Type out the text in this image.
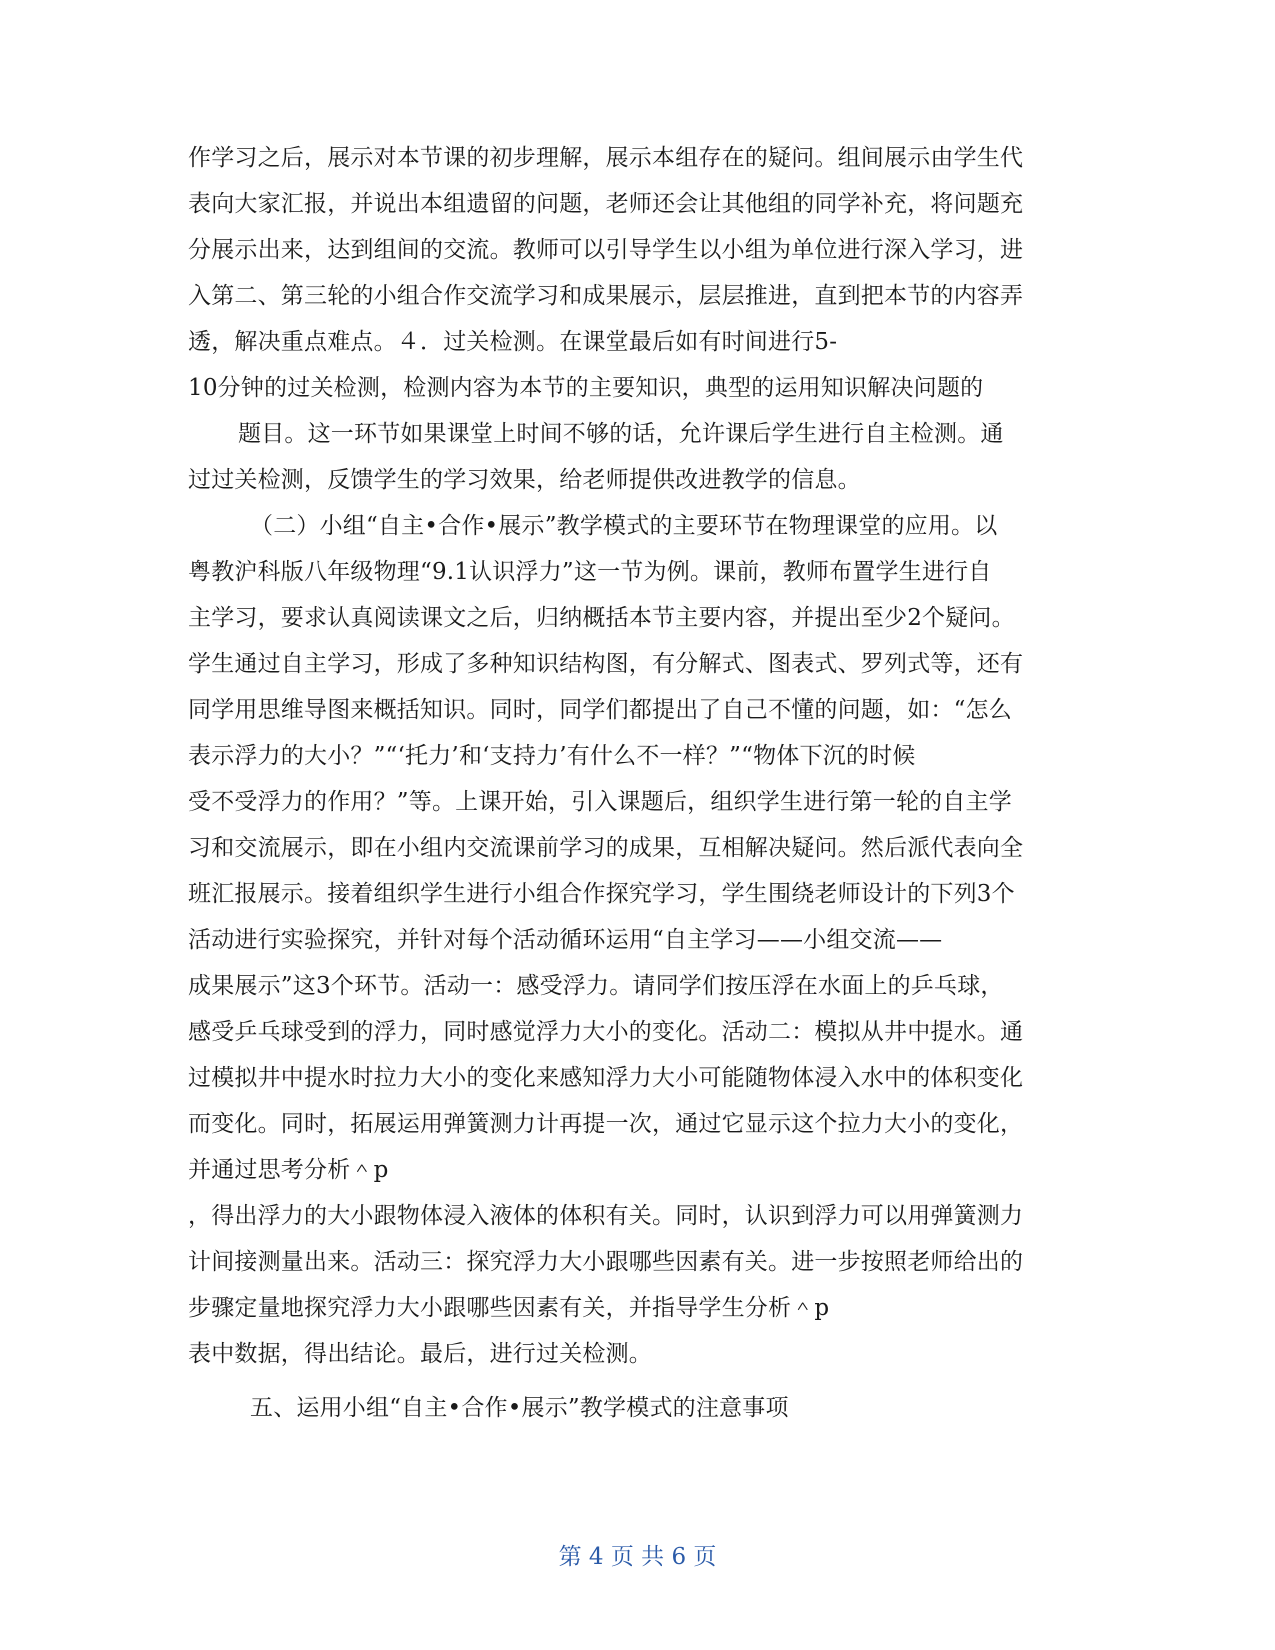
作学习之后，展示对本节课的初步理解，展示本组存在的疑问。组间展示由学生代
表向大家汇报，并说出本组遗留的问题，老师还会让其他组的同学补充，将问题充
分展示出来，达到组间的交流。教师可以引导学生以小组为单位进行深入学习，进
入第二、第三轮的小组合作交流学习和成果展示，层层推进，直到把本节的内容弄
透，解决重点难点。４．过关检测。在课堂最后如有时间进行5-
10分钟的过关检测，检测内容为本节的主要知识，典型的运用知识解决问题的
题目。这一环节如果课堂上时间不够的话，允许课后学生进行自主检测。通
过过关检测，反馈学生的学习效果，给老师提供改进教学的信息。
（二）小组“自主•合作•展示”教学模式的主要环节在物理课堂的应用。以
粤教沪科版八年级物理“9.1认识浮力”这一节为例。课前，教师布置学生进行自
主学习，要求认真阅读课文之后，归纳概括本节主要内容，并提出至少2个疑问。
学生通过自主学习，形成了多种知识结构图，有分解式、图表式、罗列式等，还有
同学用思维导图来概括知识。同时，同学们都提出了自己不懂的问题，如：“怎么
表示浮力的大小？”“‘托力’和‘支持力’有什么不一样？”“物体下沉的时候
受不受浮力的作用？”等。上课开始，引入课题后，组织学生进行第一轮的自主学
习和交流展示，即在小组内交流课前学习的成果，互相解决疑问。然后派代表向全
班汇报展示。接着组织学生进行小组合作探究学习，学生围绕老师设计的下列3个
活动进行实验探究，并针对每个活动循环运用“自主学习——小组交流——
成果展示”这3个环节。活动一：感受浮力。请同学们按压浮在水面上的乒乓球，
感受乒乓球受到的浮力，同时感觉浮力大小的变化。活动二：模拟从井中提水。通
过模拟井中提水时拉力大小的变化来感知浮力大小可能随物体浸入水中的体积变化
而变化。同时，拓展运用弹簧测力计再提一次，通过它显示这个拉力大小的变化，
并通过思考分析＾p
，得出浮力的大小跟物体浸入液体的体积有关。同时，认识到浮力可以用弹簧测力
计间接测量出来。活动三：探究浮力大小跟哪些因素有关。进一步按照老师给出的
步骤定量地探究浮力大小跟哪些因素有关，并指导学生分析＾p
表中数据，得出结论。最后，进行过关检测。
五、运用小组“自主•合作•展示”教学模式的注意事项
第 4 页 共 6 页
